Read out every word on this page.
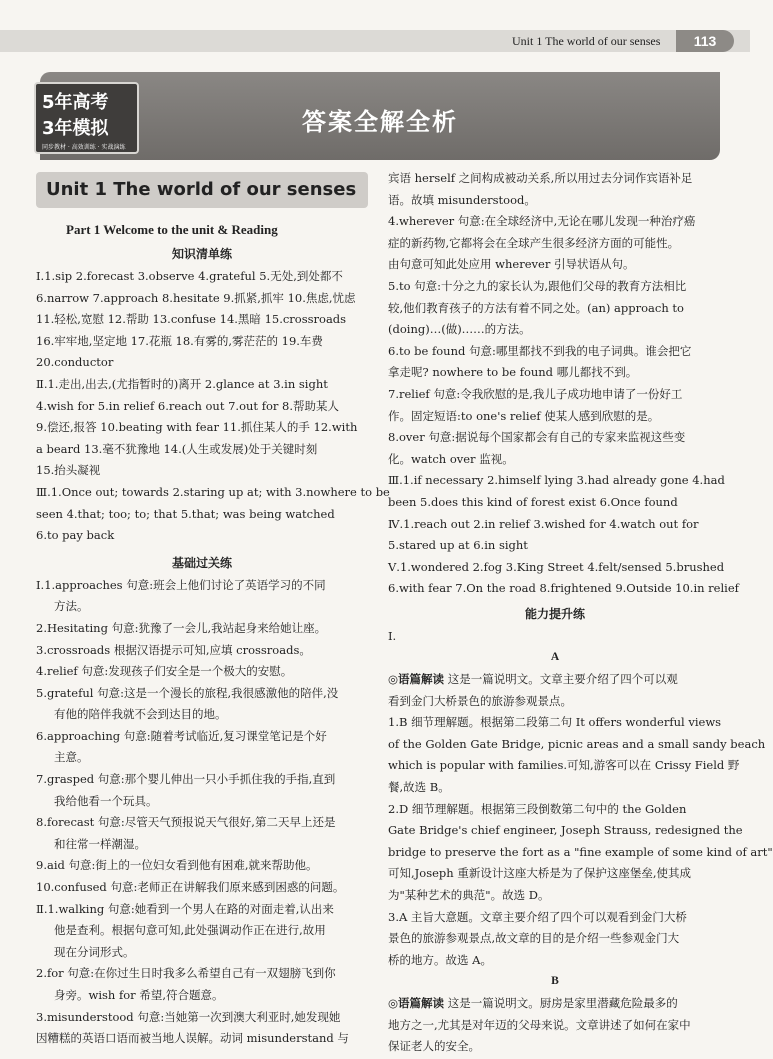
Unit 1 The world of our senses	113
答案全解全析
5年高考
3年模拟
同步教材 · 高效训练 · 实战演练
Unit 1 The world of our senses
Part 1 Welcome to the unit & Reading
知识清单练
Ⅰ.1.sip 2.forecast 3.observe 4.grateful 5.无处,到处都不
6.narrow 7.approach 8.hesitate 9.抓紧,抓牢 10.焦虑,忧虑
11.轻松,宽慰 12.帮助 13.confuse 14.黑暗 15.crossroads
16.牢牢地,坚定地 17.花瓶 18.有雾的,雾茫茫的 19.车费
20.conductor
Ⅱ.1.走出,出去,(尤指暂时的)离开 2.glance at 3.in sight
4.wish for 5.in relief 6.reach out 7.out for 8.帮助某人
9.偿还,报答 10.beating with fear 11.抓住某人的手 12.with
a beard 13.毫不犹豫地 14.(人生或发展)处于关键时刻
15.抬头凝视
Ⅲ.1.Once out; towards 2.staring up at; with 3.nowhere to be
seen 4.that; too; to; that 5.that; was being watched
6.to pay back
基础过关练
Ⅰ.1.approaches 句意:班会上他们讨论了英语学习的不同
方法。
2.Hesitating 句意:犹豫了一会儿,我站起身来给她让座。
3.crossroads 根据汉语提示可知,应填 crossroads。
4.relief 句意:发现孩子们安全是一个极大的安慰。
5.grateful 句意:这是一个漫长的旅程,我很感激他的陪伴,没
有他的陪伴我就不会到达目的地。
6.approaching 句意:随着考试临近,复习课堂笔记是个好
主意。
7.grasped 句意:那个婴儿伸出一只小手抓住我的手指,直到
我给他看一个玩具。
8.forecast 句意:尽管天气预报说天气很好,第二天早上还是
和往常一样潮湿。
9.aid 句意:街上的一位妇女看到他有困难,就来帮助他。
10.confused 句意:老师正在讲解我们原来感到困惑的问题。
Ⅱ.1.walking 句意:她看到一个男人在路的对面走着,认出来
他是查利。根据句意可知,此处强调动作正在进行,故用
现在分词形式。
2.for 句意:在你过生日时我多么希望自己有一双翅膀飞到你
身旁。wish for 希望,符合题意。
3.misunderstood 句意:当她第一次到澳大利亚时,她发现她
因糟糕的英语口语而被当地人误解。动词 misunderstand 与
宾语 herself 之间构成被动关系,所以用过去分词作宾语补足
语。故填 misunderstood。
4.wherever 句意:在全球经济中,无论在哪儿发现一种治疗癌
症的新药物,它都将会在全球产生很多经济方面的可能性。
由句意可知此处应用 wherever 引导状语从句。
5.to 句意:十分之九的家长认为,跟他们父母的教育方法相比
较,他们教育孩子的方法有着不同之处。(an) approach to
(doing)…(做)……的方法。
6.to be found 句意:哪里都找不到我的电子词典。谁会把它
拿走呢? nowhere to be found 哪儿都找不到。
7.relief 句意:令我欣慰的是,我儿子成功地申请了一份好工
作。固定短语:to one's relief 使某人感到欣慰的是。
8.over 句意:据说每个国家都会有自己的专家来监视这些变
化。watch over 监视。
Ⅲ.1.if necessary 2.himself lying 3.had already gone 4.had
been 5.does this kind of forest exist 6.Once found
Ⅳ.1.reach out 2.in relief 3.wished for 4.watch out for
5.stared up at 6.in sight
Ⅴ.1.wondered 2.fog 3.King Street 4.felt/sensed 5.brushed
6.with fear 7.On the road 8.frightened 9.Outside 10.in relief
能力提升练
Ⅰ.
A
◎语篇解读 这是一篇说明文。文章主要介绍了四个可以观
看到金门大桥景色的旅游参观景点。
1.B 细节理解题。根据第二段第二句 It offers wonderful views
of the Golden Gate Bridge, picnic areas and a small sandy beach
which is popular with families.可知,游客可以在 Crissy Field 野
餐,故选 B。
2.D 细节理解题。根据第三段倒数第二句中的 the Golden
Gate Bridge's chief engineer, Joseph Strauss, redesigned the
bridge to preserve the fort as a "fine example of some kind of art"
可知,Joseph 重新设计这座大桥是为了保护这座堡垒,使其成
为"某种艺术的典范"。故选 D。
3.A 主旨大意题。文章主要介绍了四个可以观看到金门大桥
景色的旅游参观景点,故文章的目的是介绍一些参观金门大
桥的地方。故选 A。
B
◎语篇解读 这是一篇说明文。厨房是家里潜藏危险最多的
地方之一,尤其是对年迈的父母来说。文章讲述了如何在家中
保证老人的安全。
